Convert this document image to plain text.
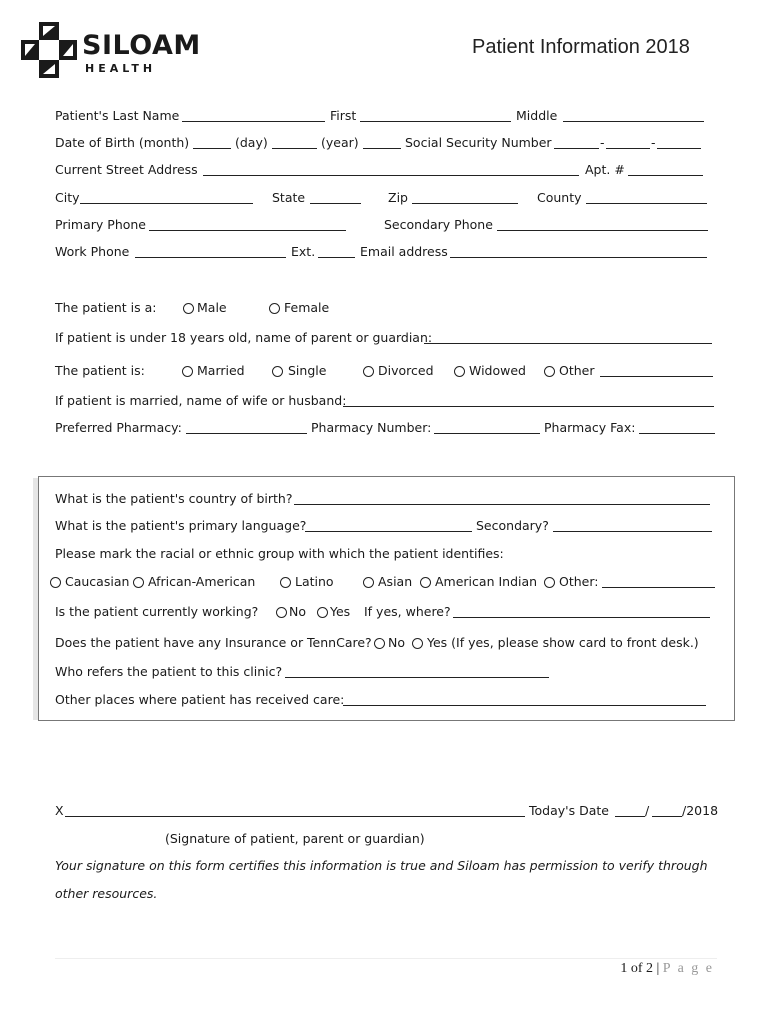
SILOAM
HEALTH
Patient Information 2018
Patient's Last Name	First	Middle
Date of Birth (month)	(day)	(year)	Social Security Number	-	-
Current Street Address	Apt. #
City	State	Zip	County
Primary Phone	Secondary Phone
Work Phone	Ext.	Email address
The patient is a:	Male	Female
If patient is under 18 years old, name of parent or guardian:
The patient is:	Married	Single	Divorced	Widowed	Other
If patient is married, name of wife or husband:
Preferred Pharmacy:	Pharmacy Number:	Pharmacy Fax:
What is the patient's country of birth?
What is the patient's primary language?	Secondary?
Please mark the racial or ethnic group with which the patient identifies:
Caucasian African-American	Latino	Asian American Indian Other:
Is the patient currently working? No Yes If yes, where?
Does the patient have any Insurance or TennCare? No Yes (If yes, please show card to front desk.)
Who refers the patient to this clinic?
Other places where patient has received care:
X	Today's Date	/	/2018
(Signature of patient, parent or guardian)
Your signature on this form certifies this information is true and Siloam has permission to verify through
other resources.
1 of 2 | P a g e
